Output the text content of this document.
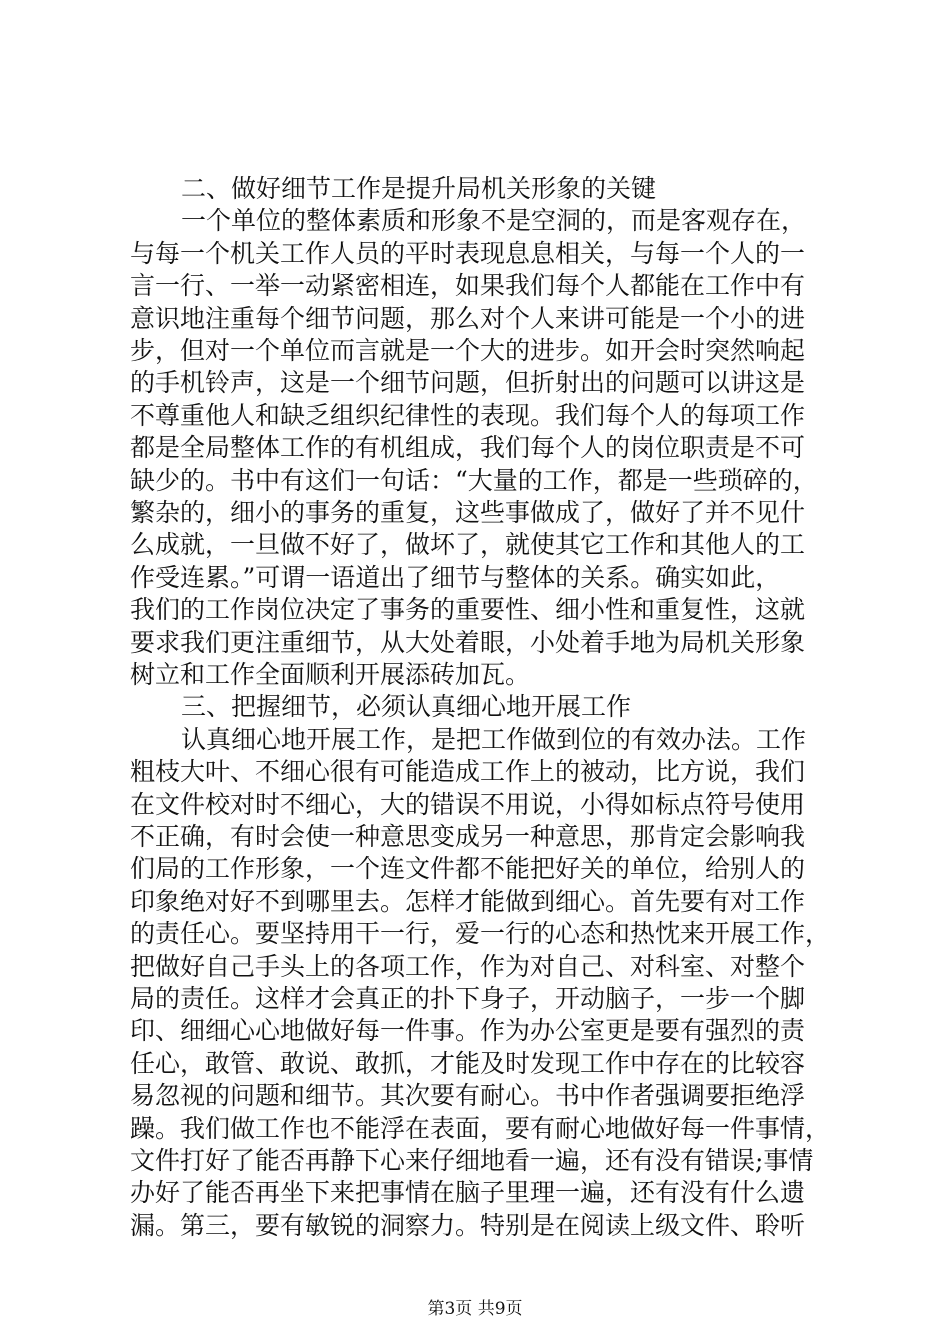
二、做好细节工作是提升局机关形象的关键

一个单位的整体素质和形象不是空洞的，而是客观存在，

与每一个机关工作人员的平时表现息息相关，与每一个人的一

言一行、一举一动紧密相连，如果我们每个人都能在工作中有

意识地注重每个细节问题，那么对个人来讲可能是一个小的进

步，但对一个单位而言就是一个大的进步。如开会时突然响起

的手机铃声，这是一个细节问题，但折射出的问题可以讲这是

不尊重他人和缺乏组织纪律性的表现。我们每个人的每项工作

都是全局整体工作的有机组成，我们每个人的岗位职责是不可

缺少的。书中有这们一句话：“大量的工作，都是一些琐碎的，

繁杂的，细小的事务的重复，这些事做成了，做好了并不见什

么成就，一旦做不好了，做坏了，就使其它工作和其他人的工

作受连累。”可谓一语道出了细节与整体的关系。确实如此，

我们的工作岗位决定了事务的重要性、细小性和重复性，这就

要求我们更注重细节，从大处着眼，小处着手地为局机关形象

树立和工作全面顺利开展添砖加瓦。

三、把握细节，必须认真细心地开展工作

认真细心地开展工作，是把工作做到位的有效办法。工作

粗枝大叶、不细心很有可能造成工作上的被动，比方说，我们

在文件校对时不细心，大的错误不用说，小得如标点符号使用

不正确，有时会使一种意思变成另一种意思，那肯定会影响我

们局的工作形象，一个连文件都不能把好关的单位，给别人的

印象绝对好不到哪里去。怎样才能做到细心。首先要有对工作

的责任心。要坚持用干一行，爱一行的心态和热忱来开展工作，

把做好自己手头上的各项工作，作为对自己、对科室、对整个

局的责任。这样才会真正的扑下身子，开动脑子，一步一个脚

印、细细心心地做好每一件事。作为办公室更是要有强烈的责

任心，敢管、敢说、敢抓，才能及时发现工作中存在的比较容

易忽视的问题和细节。其次要有耐心。书中作者强调要拒绝浮

躁。我们做工作也不能浮在表面，要有耐心地做好每一件事情，

文件打好了能否再静下心来仔细地看一遍，还有没有错误;事情

办好了能否再坐下来把事情在脑子里理一遍，还有没有什么遗

漏。第三，要有敏锐的洞察力。特别是在阅读上级文件、聆听

第3页 共9页
